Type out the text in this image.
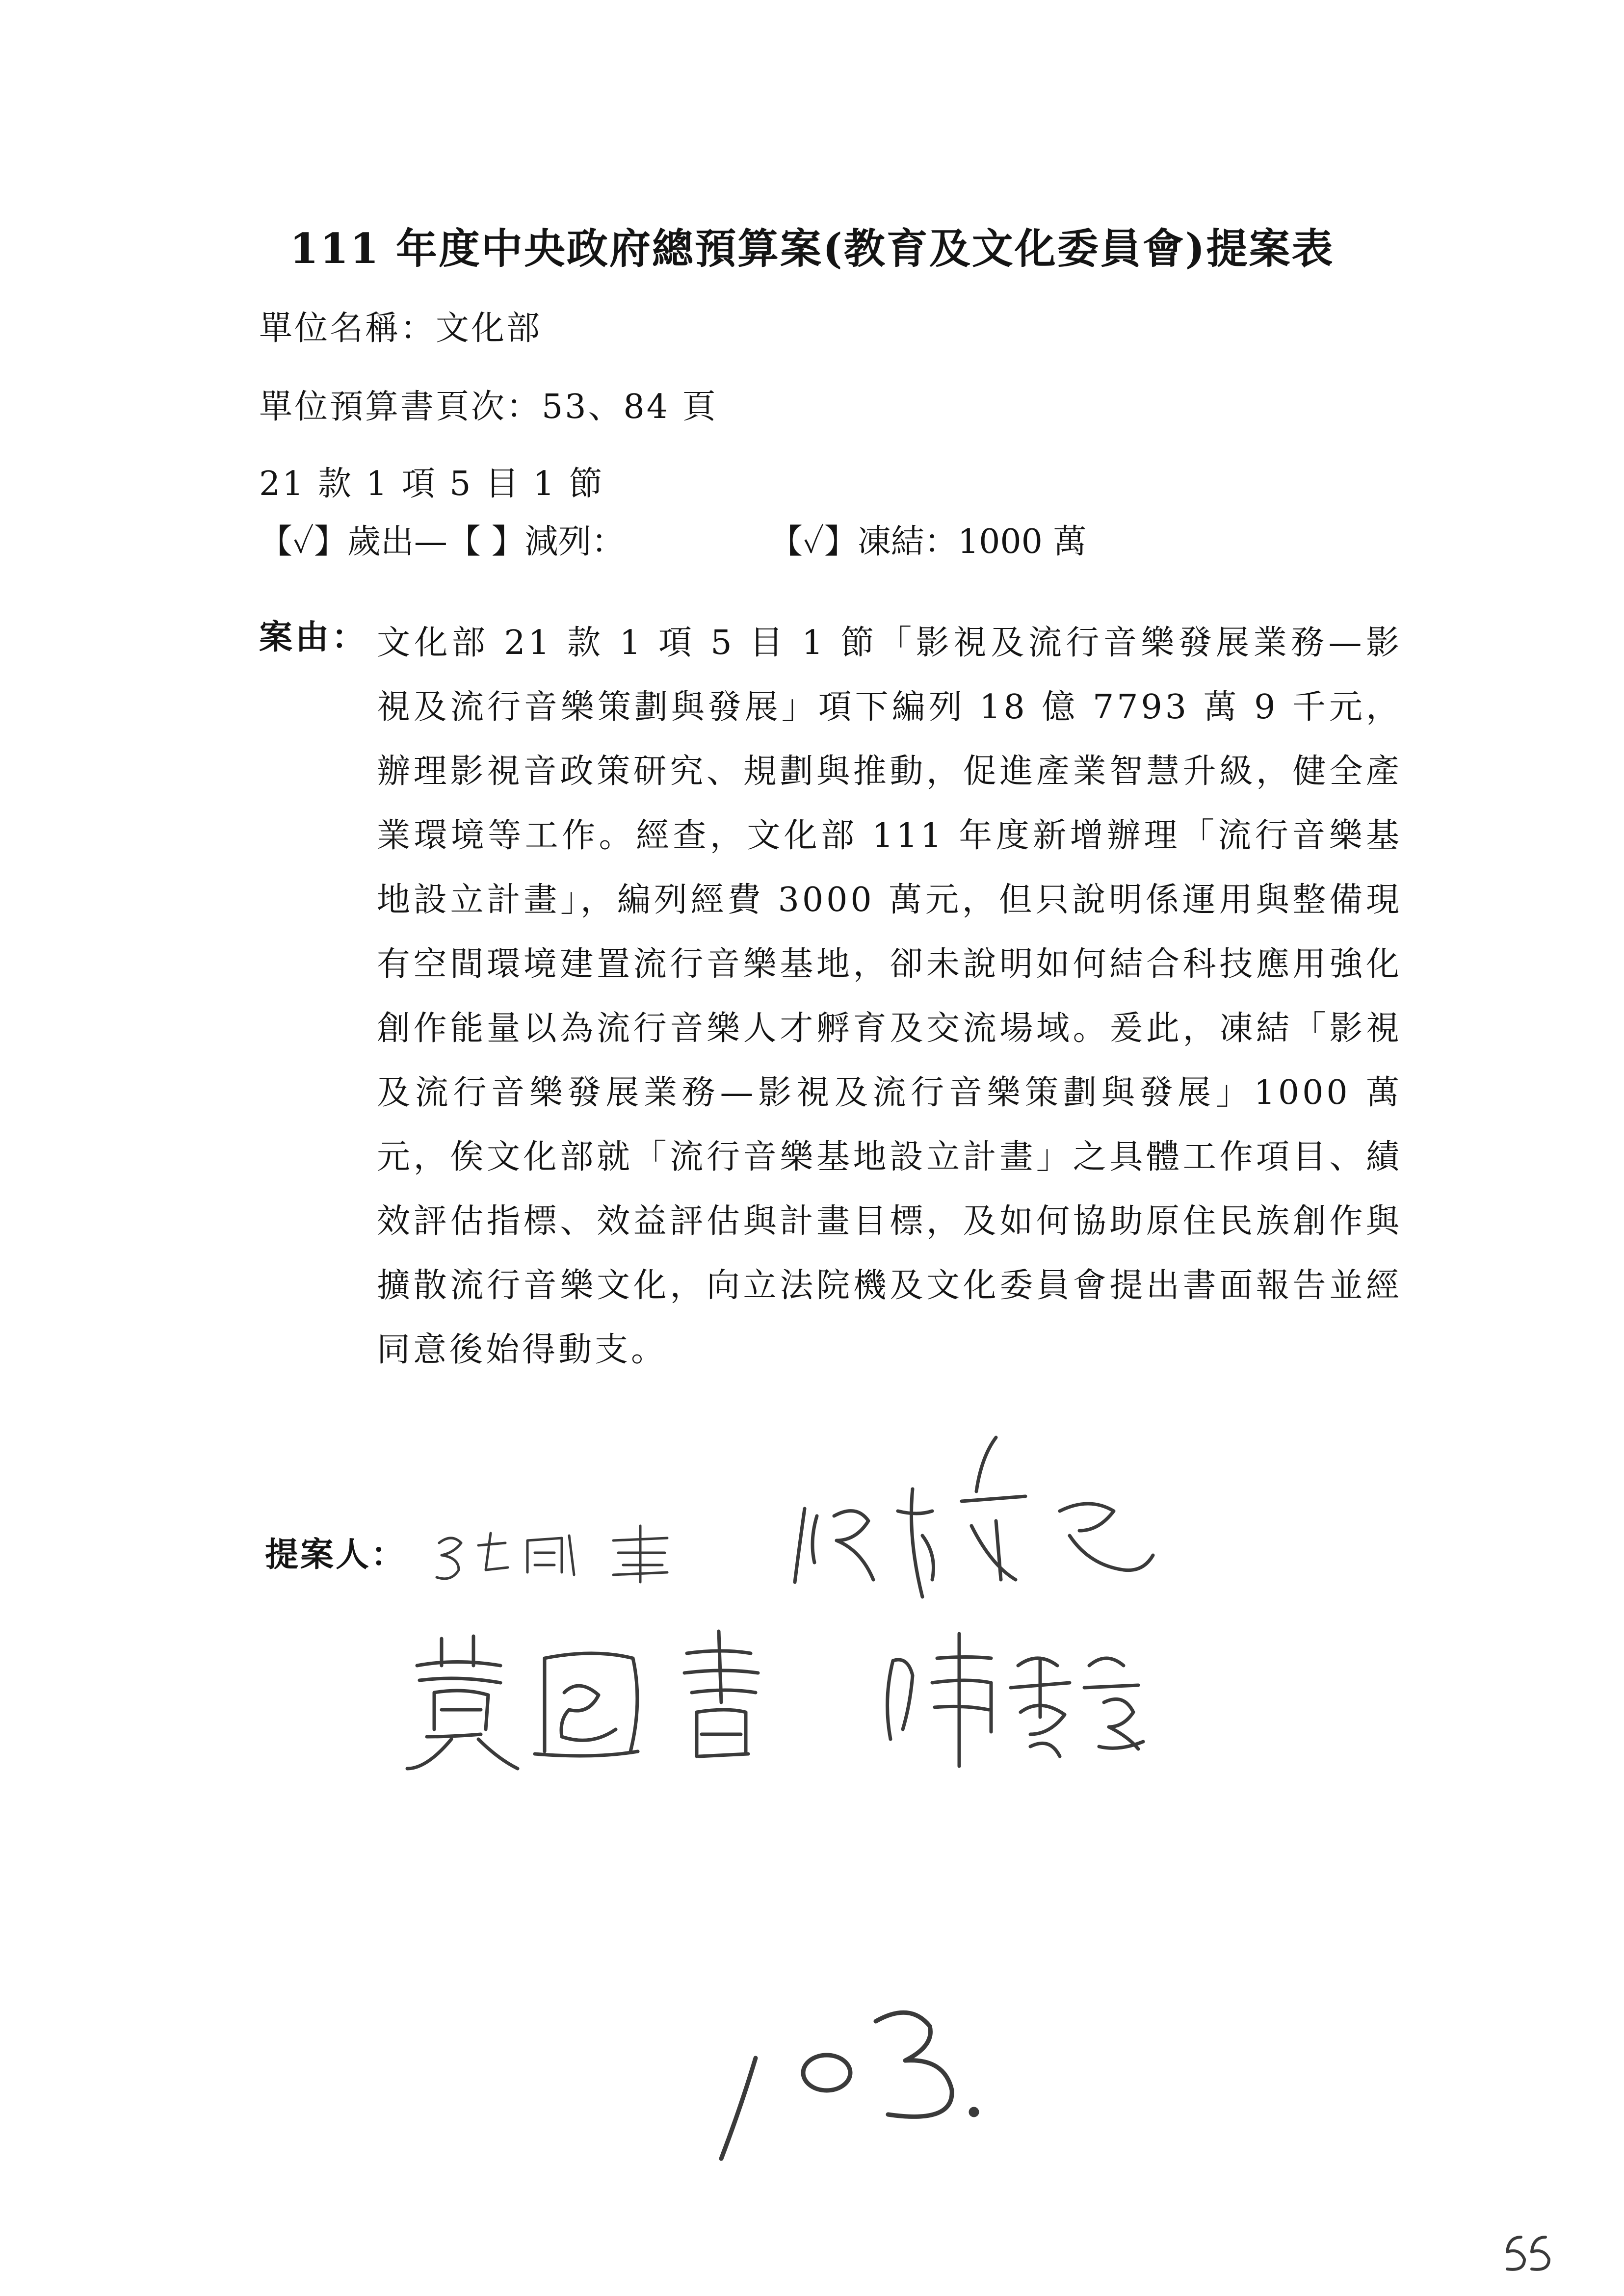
111 年度中央政府總預算案(教育及文化委員會)提案表
單位名稱：文化部
單位預算書頁次：53、84 頁
21 款 1 項 5 目 1 節
【✓】歲出—【 】減列：	【✓】凍結：1000 萬
案由： 文化部 21 款 1 項 5 目 1 節「影視及流行音樂發展業務—影視及流行音樂策劃與發展」項下編列 18 億 7793 萬 9 千元，辦理影視音政策研究、規劃與推動，促進產業智慧升級，健全產業環境等工作。經查，文化部 111 年度新增辦理「流行音樂基地設立計畫」，編列經費 3000 萬元，但只說明係運用與整備現有空間環境建置流行音樂基地，卻未說明如何結合科技應用強化創作能量以為流行音樂人才孵育及交流場域。爰此，凍結「影視及流行音樂發展業務—影視及流行音樂策劃與發展」1000 萬元，俟文化部就「流行音樂基地設立計畫」之具體工作項目、績效評估指標、效益評估與計畫目標，及如何協助原住民族創作與擴散流行音樂文化，向立法院機及文化委員會提出書面報告並經同意後始得動支。
提案人：
